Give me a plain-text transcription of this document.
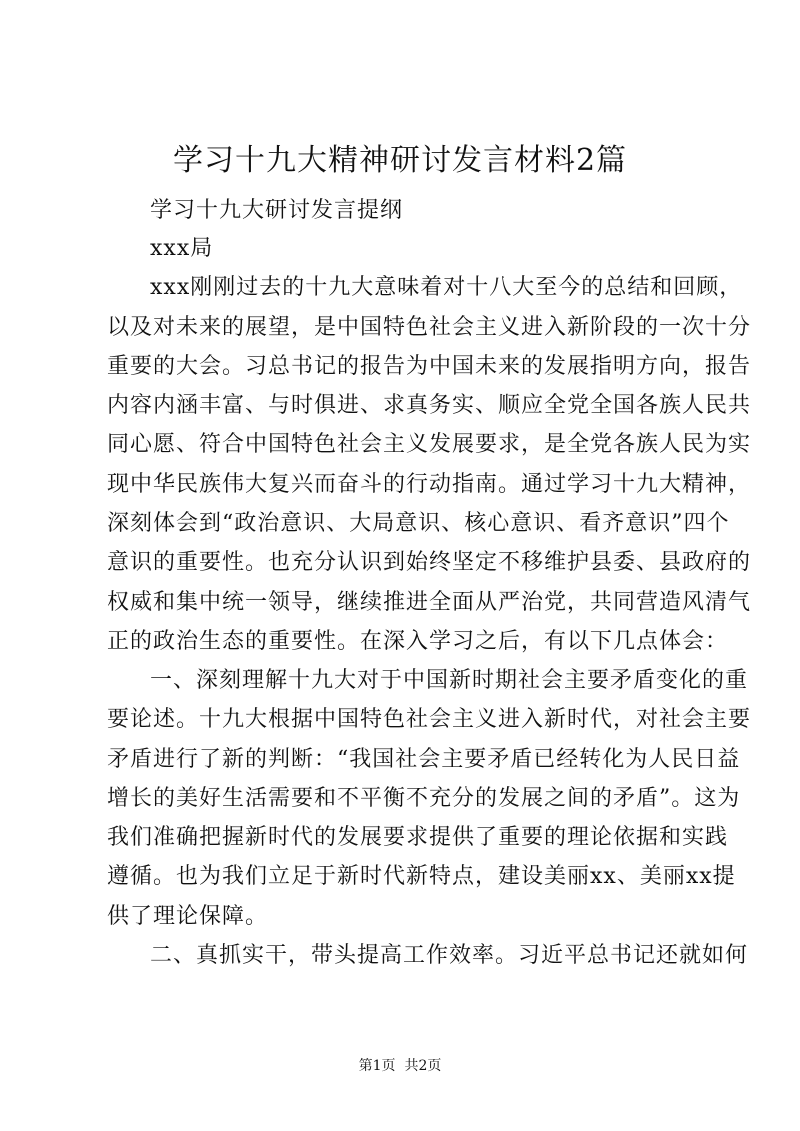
学习十九大精神研讨发言材料2篇
学习十九大研讨发言提纲
xxx局
xxx刚刚过去的十九大意味着对十八大至今的总结和回顾，
以及对未来的展望，是中国特色社会主义进入新阶段的一次十分
重要的大会。习总书记的报告为中国未来的发展指明方向，报告
内容内涵丰富、与时俱进、求真务实、顺应全党全国各族人民共
同心愿、符合中国特色社会主义发展要求，是全党各族人民为实
现中华民族伟大复兴而奋斗的行动指南。通过学习十九大精神，
深刻体会到“政治意识、大局意识、核心意识、看齐意识”四个
意识的重要性。也充分认识到始终坚定不移维护县委、县政府的
权威和集中统一领导，继续推进全面从严治党，共同营造风清气
正的政治生态的重要性。在深入学习之后，有以下几点体会：
一、深刻理解十九大对于中国新时期社会主要矛盾变化的重
要论述。十九大根据中国特色社会主义进入新时代，对社会主要
矛盾进行了新的判断：“我国社会主要矛盾已经转化为人民日益
增长的美好生活需要和不平衡不充分的发展之间的矛盾”。这为
我们准确把握新时代的发展要求提供了重要的理论依据和实践
遵循。也为我们立足于新时代新特点，建设美丽xx、美丽xx提
供了理论保障。
二、真抓实干，带头提高工作效率。习近平总书记还就如何
第1页  共2页
